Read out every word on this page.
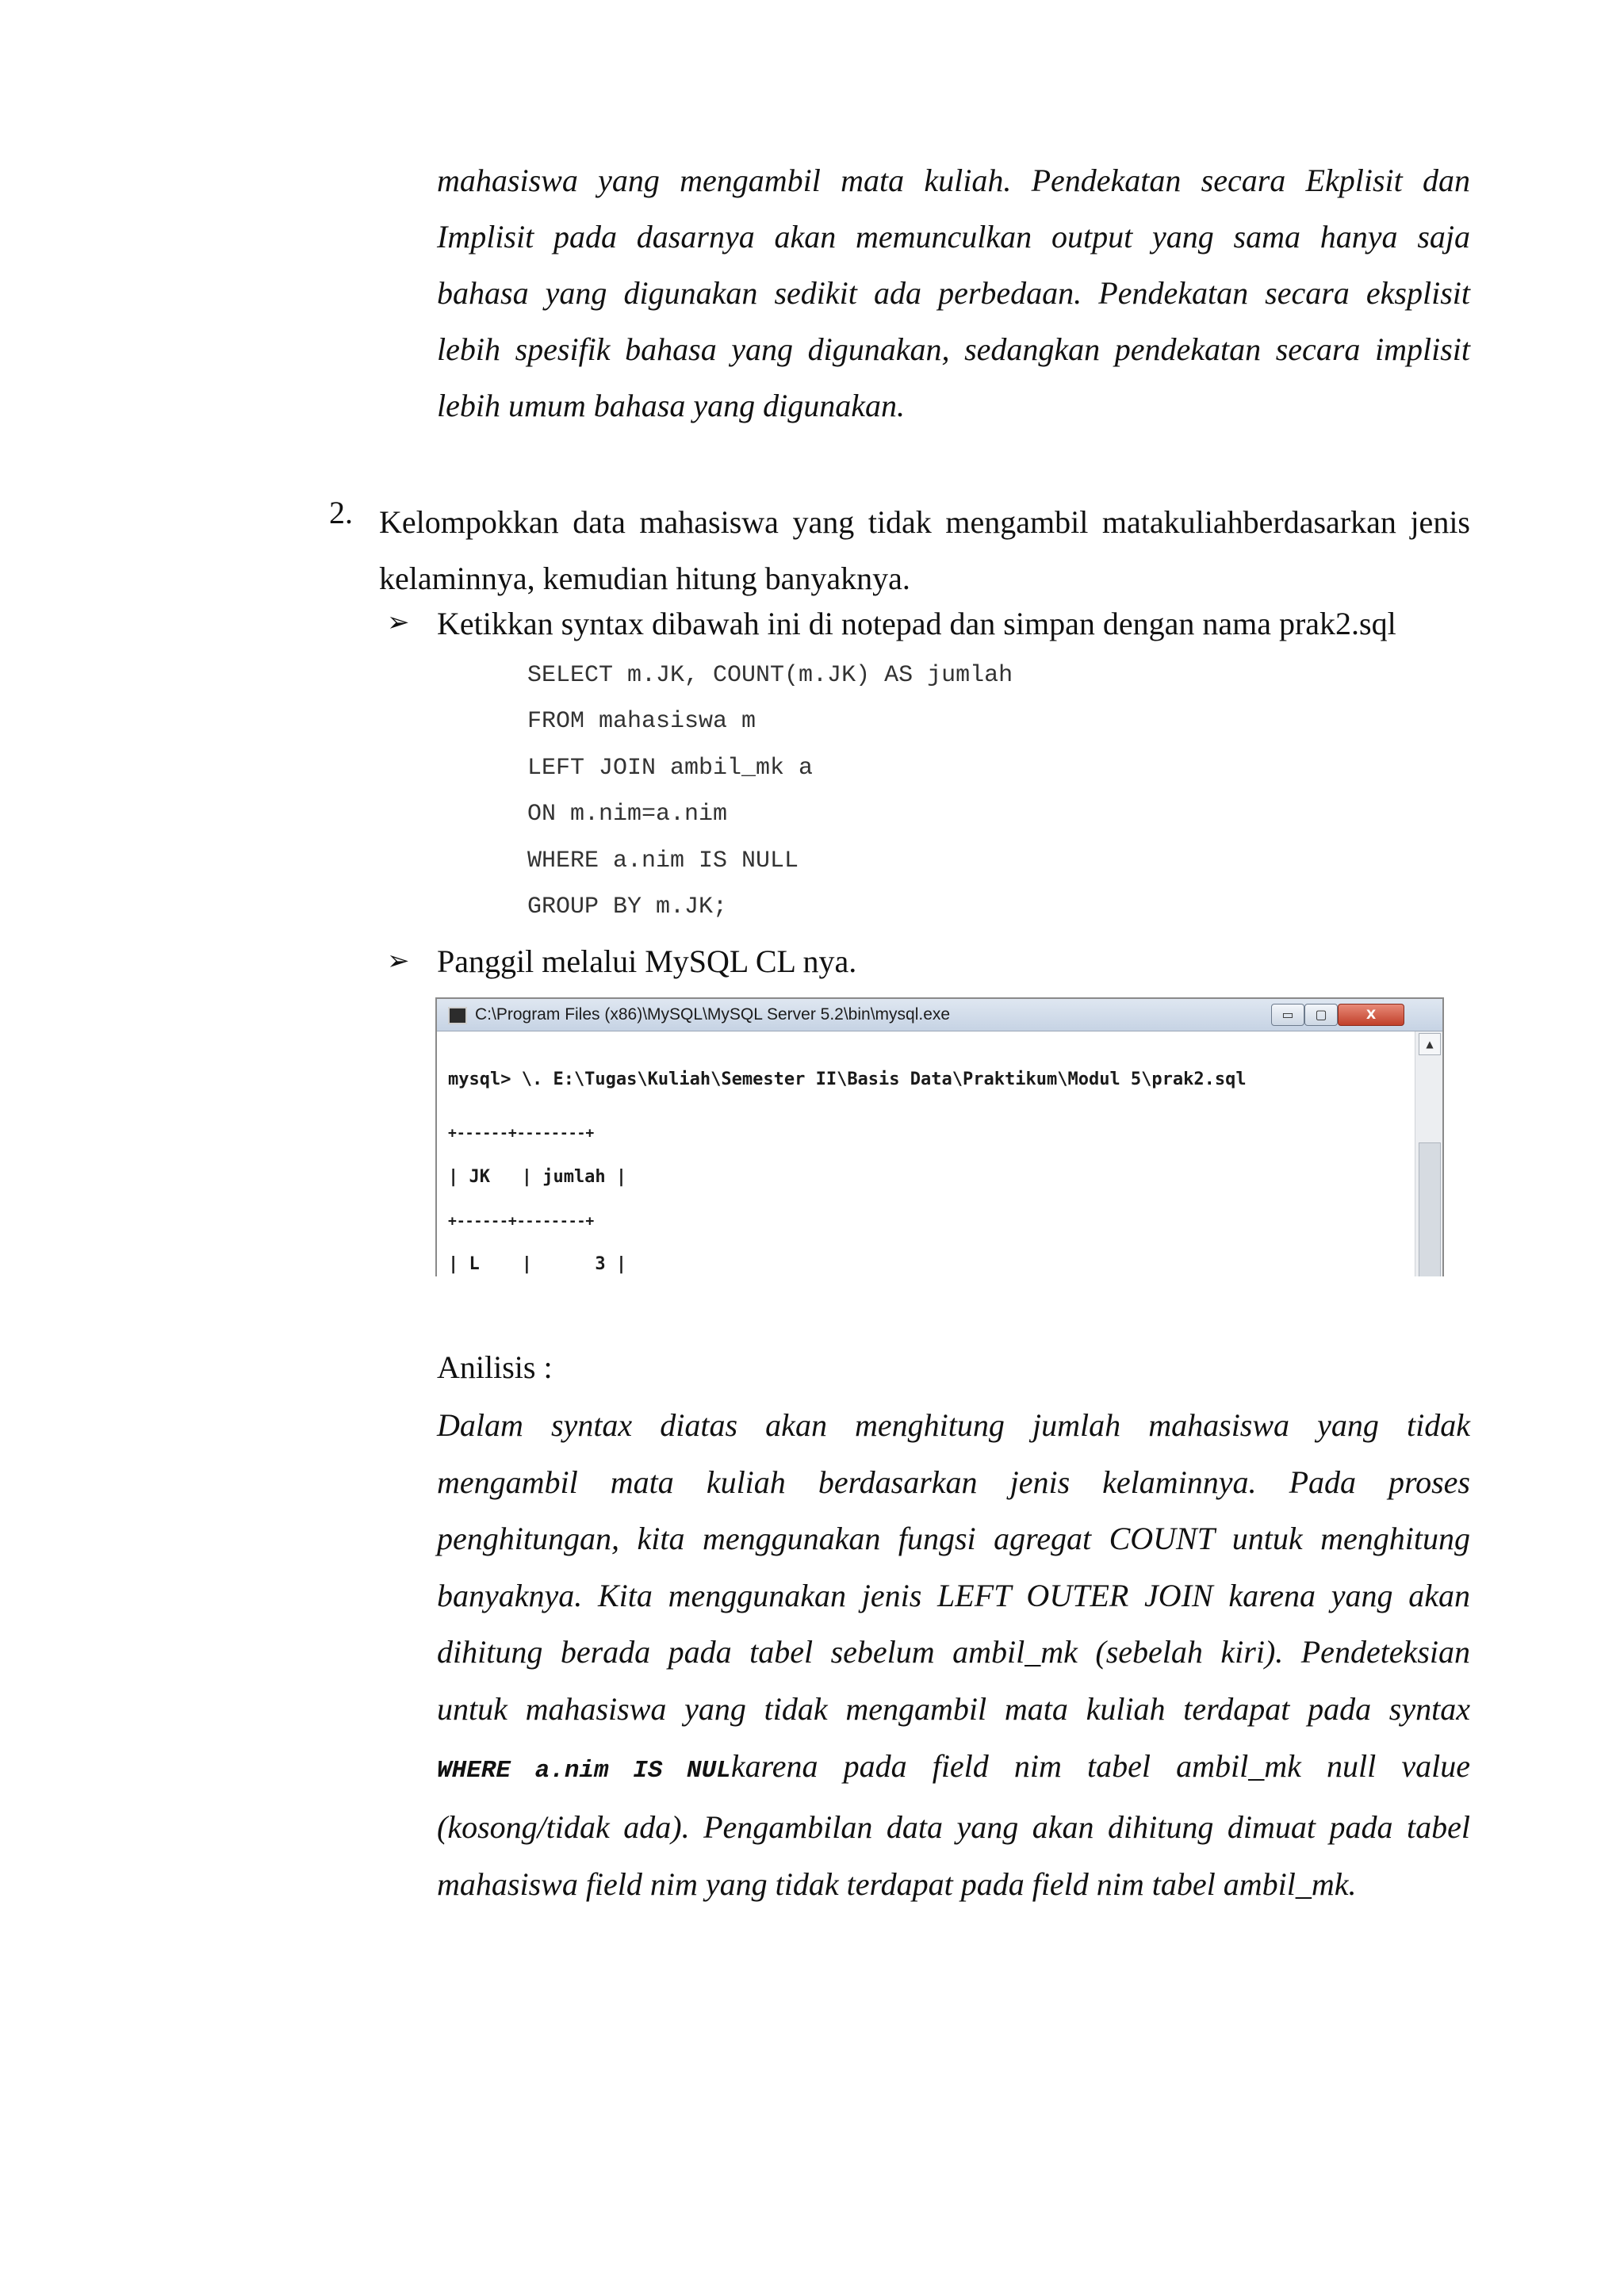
mahasiswa yang mengambil mata kuliah. Pendekatan secara Ekplisit dan
Implisit pada dasarnya akan memunculkan output yang sama hanya saja
bahasa yang digunakan sedikit ada perbedaan. Pendekatan secara eksplisit
lebih spesifik bahasa yang digunakan, sedangkan pendekatan secara implisit
lebih umum bahasa yang digunakan.
2. Kelompokkan data mahasiswa yang tidak mengambil matakuliahberdasarkan jenis
kelaminnya, kemudian hitung banyaknya.
➢ Ketikkan syntax dibawah ini di notepad dan simpan dengan nama prak2.sql
SELECT m.JK, COUNT(m.JK) AS jumlah
FROM mahasiswa m
LEFT JOIN ambil_mk a
ON m.nim=a.nim
WHERE a.nim IS NULL
GROUP BY m.JK;
➢ Panggil melalui MySQL CL nya.
C:\Program Files (x86)\MySQL\MySQL Server 5.2\bin\mysql.exe	▭	▢	X

mysql> \. E:\Tugas\Kuliah\Semester II\Basis Data\Praktikum\Modul 5\prak2.sql

+------+--------+

| JK   | jumlah |

+------+--------+

| L    |      3 |

▲
Anilisis :
Dalam syntax diatas akan menghitung jumlah mahasiswa yang tidak
mengambil mata kuliah berdasarkan jenis kelaminnya. Pada proses
penghitungan, kita menggunakan fungsi agregat COUNT untuk menghitung
banyaknya. Kita menggunakan jenis LEFT OUTER JOIN karena yang akan
dihitung berada pada tabel sebelum ambil_mk (sebelah kiri). Pendeteksian
untuk mahasiswa yang tidak mengambil mata kuliah terdapat pada syntax
WHERE a.nim IS NUL karena pada field nim tabel ambil_mk null value
(kosong/tidak ada). Pengambilan data yang akan dihitung dimuat pada tabel
mahasiswa field nim yang tidak terdapat pada field nim tabel ambil_mk.
